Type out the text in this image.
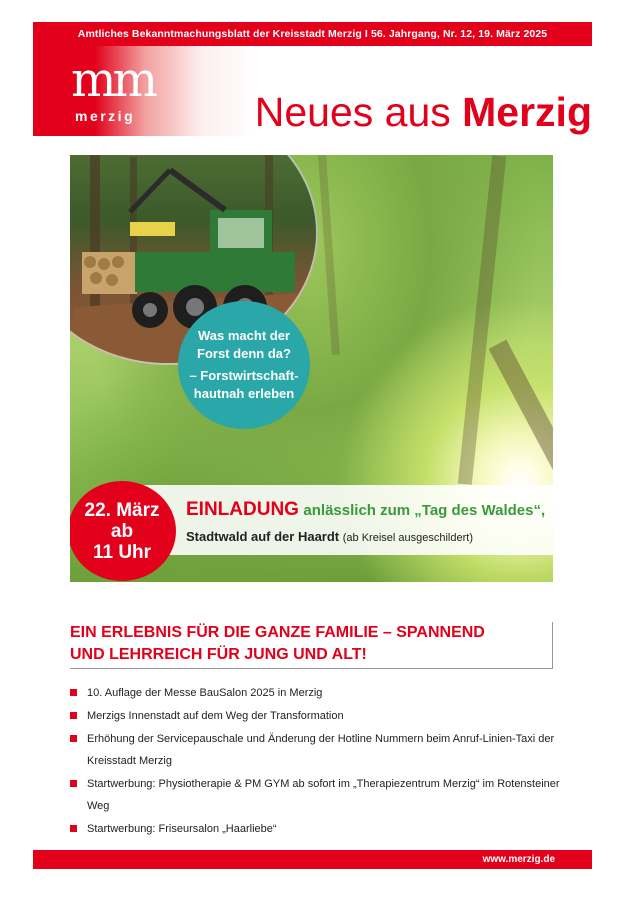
Amtliches Bekanntmachungsblatt der Kreisstadt Merzig I 56. Jahrgang, Nr. 12, 19. März 2025
mm
merzig	Neues aus Merzig
Was macht der
Forst denn da?
– Forstwirtschaft-
hautnah erleben
EINLADUNG anlässlich zum „Tag des Waldes“,
Stadtwald auf der Haardt (ab Kreisel ausgeschildert)
22. März
ab
11 Uhr
EIN ERLEBNIS FÜR DIE GANZE FAMILIE – SPANNEND
UND LEHRREICH FÜR JUNG UND ALT!
10. Auflage der Messe BauSalon 2025 in Merzig
Merzigs Innenstadt auf dem Weg der Transformation
Erhöhung der Servicepauschale und Änderung der Hotline Nummern beim Anruf-Linien-Taxi der Kreisstadt Merzig
Startwerbung: Physiotherapie & PM GYM ab sofort im „Therapiezentrum Merzig“ im Rotensteiner Weg
Startwerbung: Friseursalon „Haarliebe“
www.merzig.de
